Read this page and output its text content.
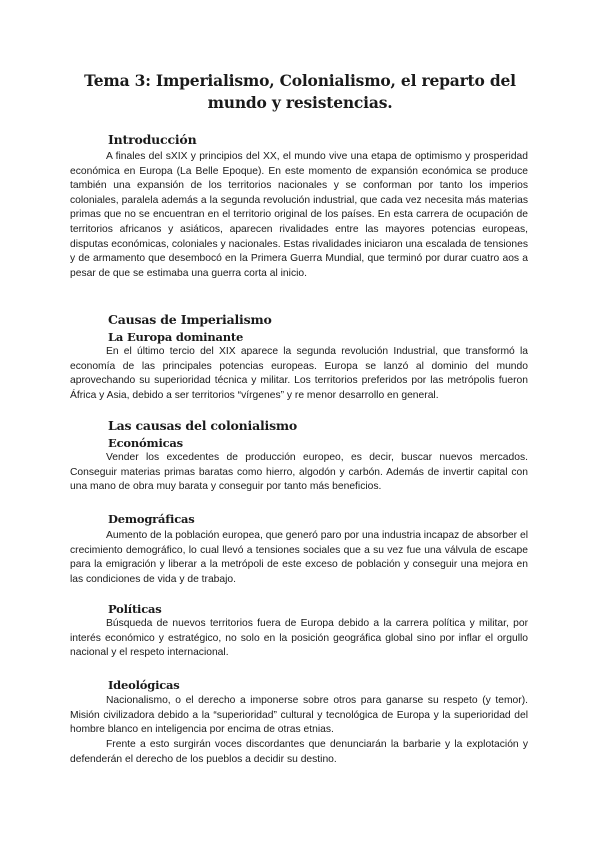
Tema 3: Imperialismo, Colonialismo, el reparto del mundo y resistencias.
Introducción

A finales del sXIX y principios del XX, el mundo vive una etapa de optimismo y prosperidad económica en Europa (La Belle Epoque). En este momento de expansión económica se produce también una expansión de los territorios nacionales y se conforman por tanto los imperios coloniales, paralela además a la segunda revolución industrial, que cada vez necesita más materias primas que no se encuentran en el territorio original de los países. En esta carrera de ocupación de territorios africanos y asiáticos, aparecen rivalidades entre las mayores potencias europeas, disputas económicas, coloniales y nacionales. Estas rivalidades iniciaron una escalada de tensiones y de armamento que desembocó en la Primera Guerra Mundial, que terminó por durar cuatro aos a pesar de que se estimaba una guerra corta al inicio.

Causas de Imperialismo
La Europa dominante

En el último tercio del XIX aparece la segunda revolución Industrial, que transformó la economía de las principales potencias europeas. Europa se lanzó al dominio del mundo aprovechando su superioridad técnica y militar. Los territorios preferidos por las metrópolis fueron África y Asia, debido a ser territorios “vírgenes” y re menor desarrollo en general.

Las causas del colonialismo
Económicas

Vender los excedentes de producción europeo, es decir, buscar nuevos mercados. Conseguir materias primas baratas como hierro, algodón y carbón. Además de invertir capital con una mano de obra muy barata y conseguir por tanto más beneficios.

Demográficas

Aumento de la población europea, que generó paro por una industria incapaz de absorber el crecimiento demográfico, lo cual llevó a tensiones sociales que a su vez fue una válvula de escape para la emigración y liberar a la metrópoli de este exceso de población y conseguir una mejora en las condiciones de vida y de trabajo.

Políticas

Búsqueda de nuevos territorios fuera de Europa debido a la carrera política y militar, por interés económico y estratégico, no solo en la posición geográfica global sino por inflar el orgullo nacional y el respeto internacional.

Ideológicas

Nacionalismo, o el derecho a imponerse sobre otros para ganarse su respeto (y temor). Misión civilizadora debido a la “superioridad” cultural y tecnológica de Europa y la superioridad del hombre blanco en inteligencia por encima de otras etnias.

Frente a esto surgirán voces discordantes que denunciarán la barbarie y la explotación y defenderán el derecho de los pueblos a decidir su destino.
